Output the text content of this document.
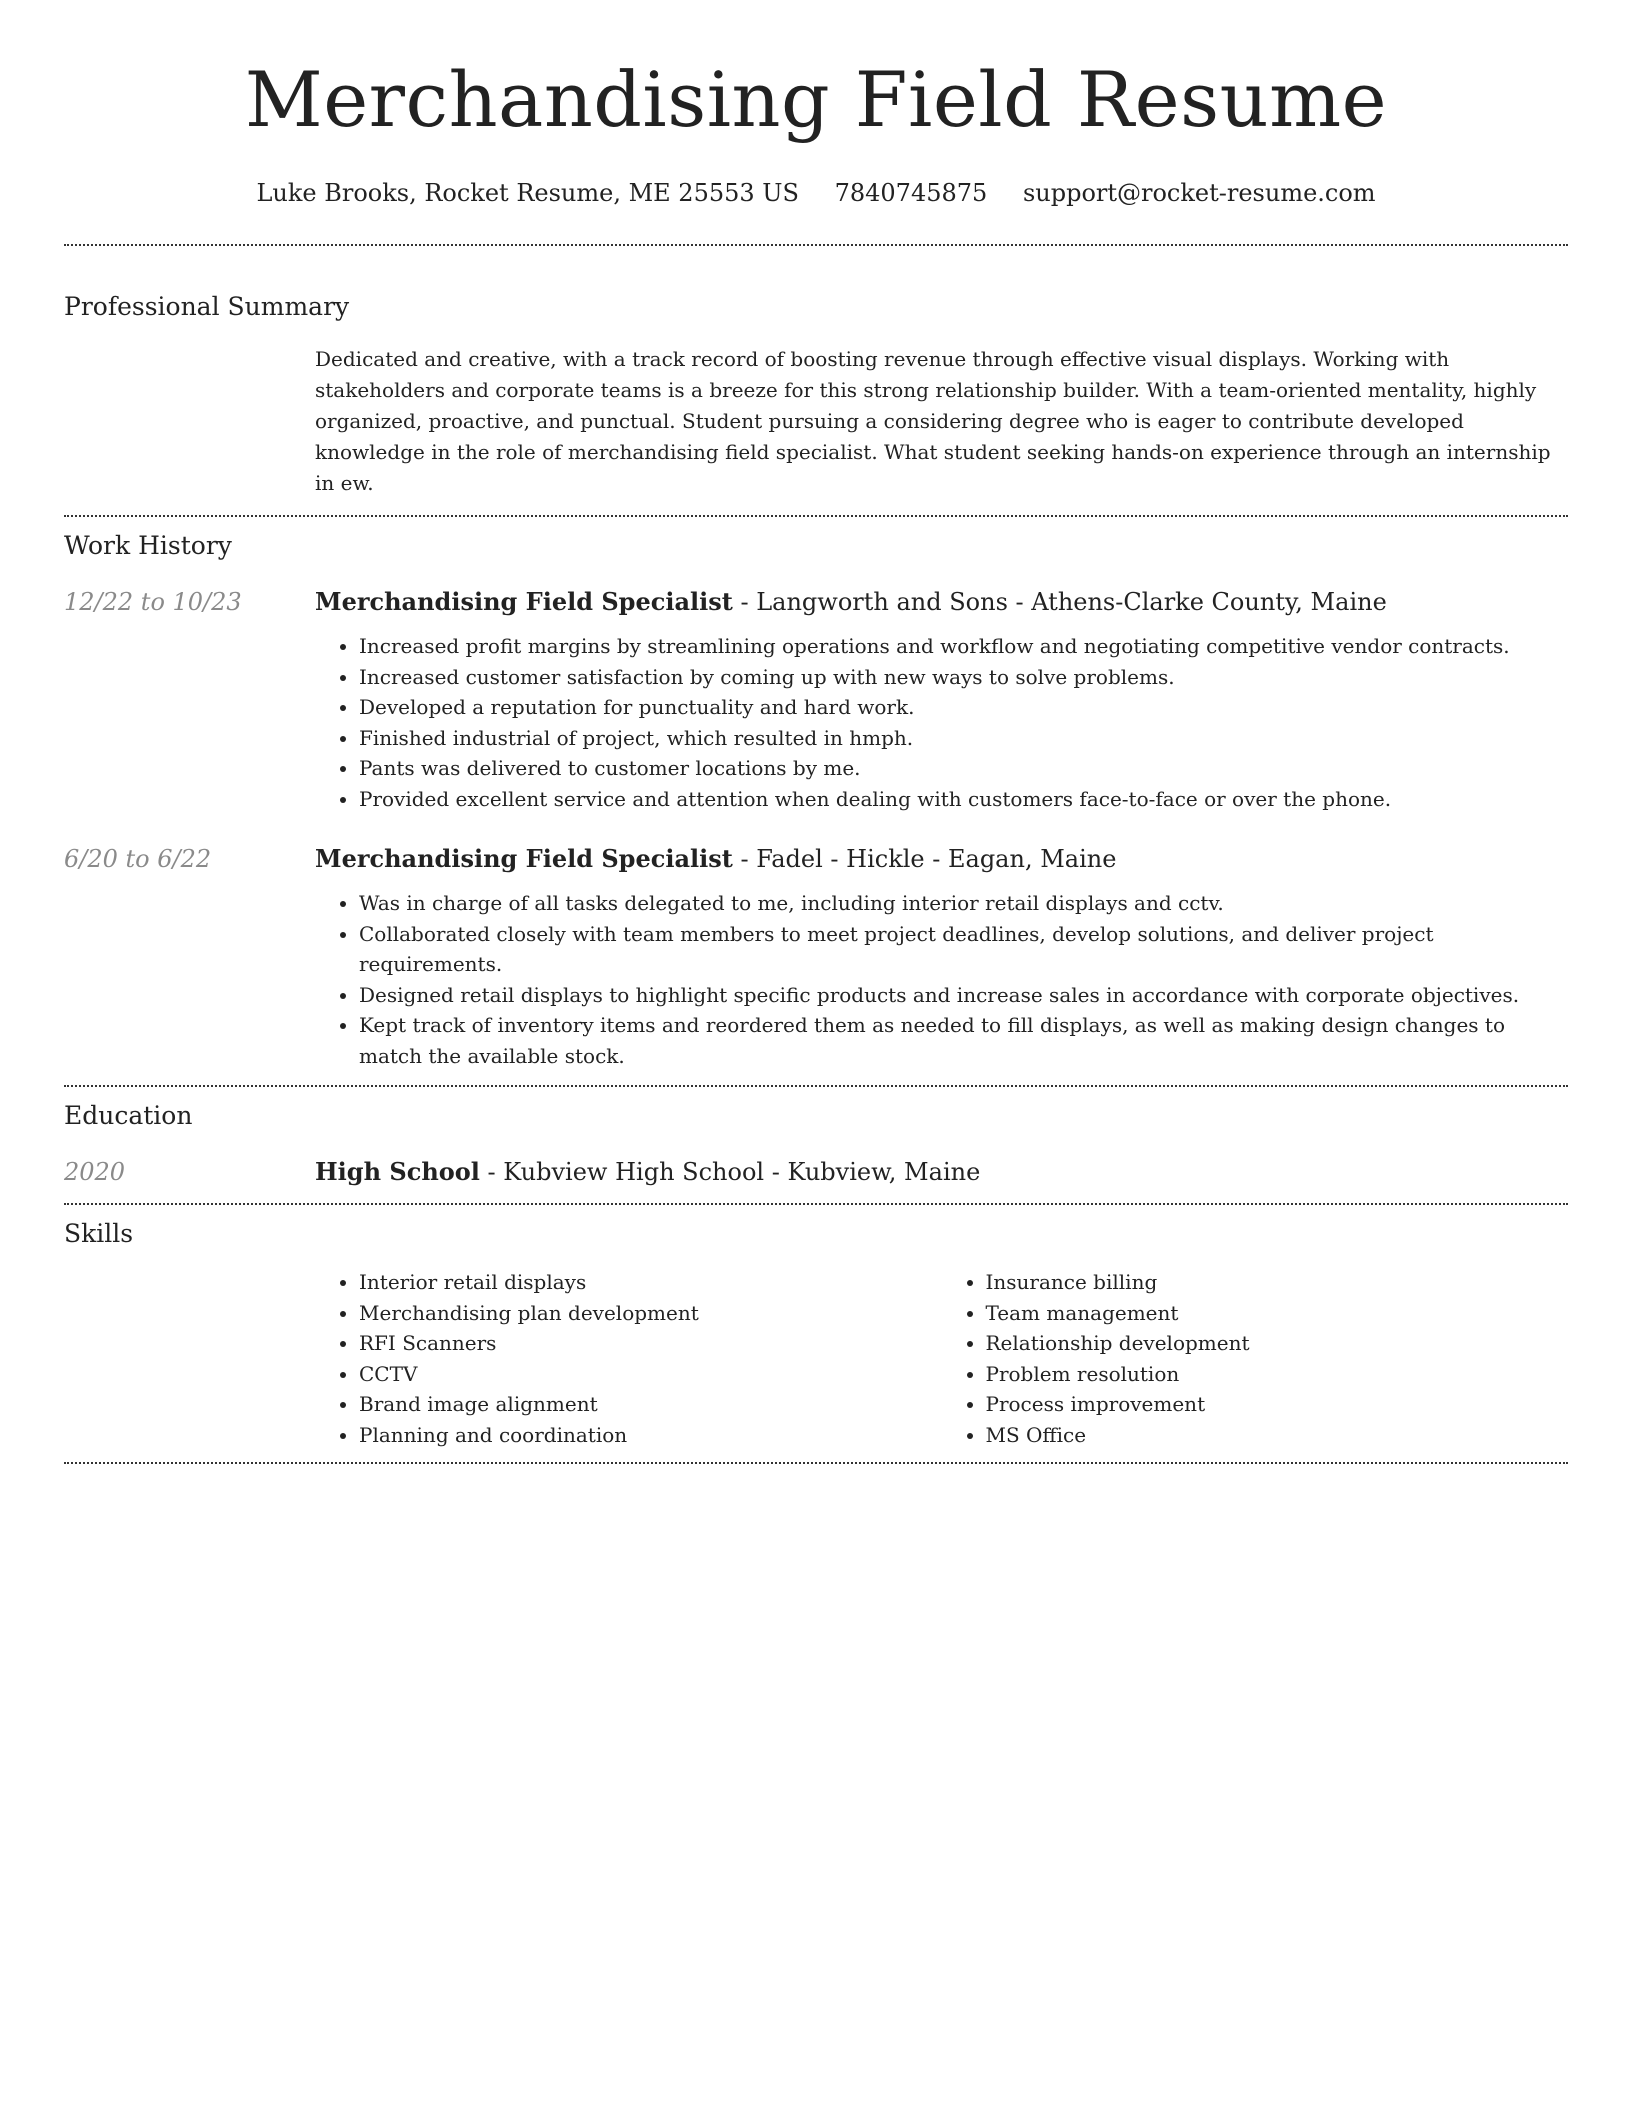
Merchandising Field Resume
Luke Brooks, Rocket Resume, ME 25553 US 7840745875 support@rocket-resume.com
Professional Summary
Dedicated and creative, with a track record of boosting revenue through effective visual displays. Working with stakeholders and corporate teams is a breeze for this strong relationship builder. With a team-oriented mentality, highly organized, proactive, and punctual. Student pursuing a considering degree who is eager to contribute developed knowledge in the role of merchandising field specialist. What student seeking hands-on experience through an internship in ew.
Work History
12/22 to 10/23	Merchandising Field Specialist - Langworth and Sons - Athens-Clarke County, Maine
• Increased profit margins by streamlining operations and workflow and negotiating competitive vendor contracts.
• Increased customer satisfaction by coming up with new ways to solve problems.
• Developed a reputation for punctuality and hard work.
• Finished industrial of project, which resulted in hmph.
• Pants was delivered to customer locations by me.
• Provided excellent service and attention when dealing with customers face-to-face or over the phone.
6/20 to 6/22	Merchandising Field Specialist - Fadel - Hickle - Eagan, Maine
• Was in charge of all tasks delegated to me, including interior retail displays and cctv.
• Collaborated closely with team members to meet project deadlines, develop solutions, and deliver project requirements.
• Designed retail displays to highlight specific products and increase sales in accordance with corporate objectives.
• Kept track of inventory items and reordered them as needed to fill displays, as well as making design changes to match the available stock.
Education
2020	High School - Kubview High School - Kubview, Maine
Skills
• Interior retail displays
• Merchandising plan development
• RFI Scanners
• CCTV
• Brand image alignment
• Planning and coordination
• Insurance billing
• Team management
• Relationship development
• Problem resolution
• Process improvement
• MS Office
